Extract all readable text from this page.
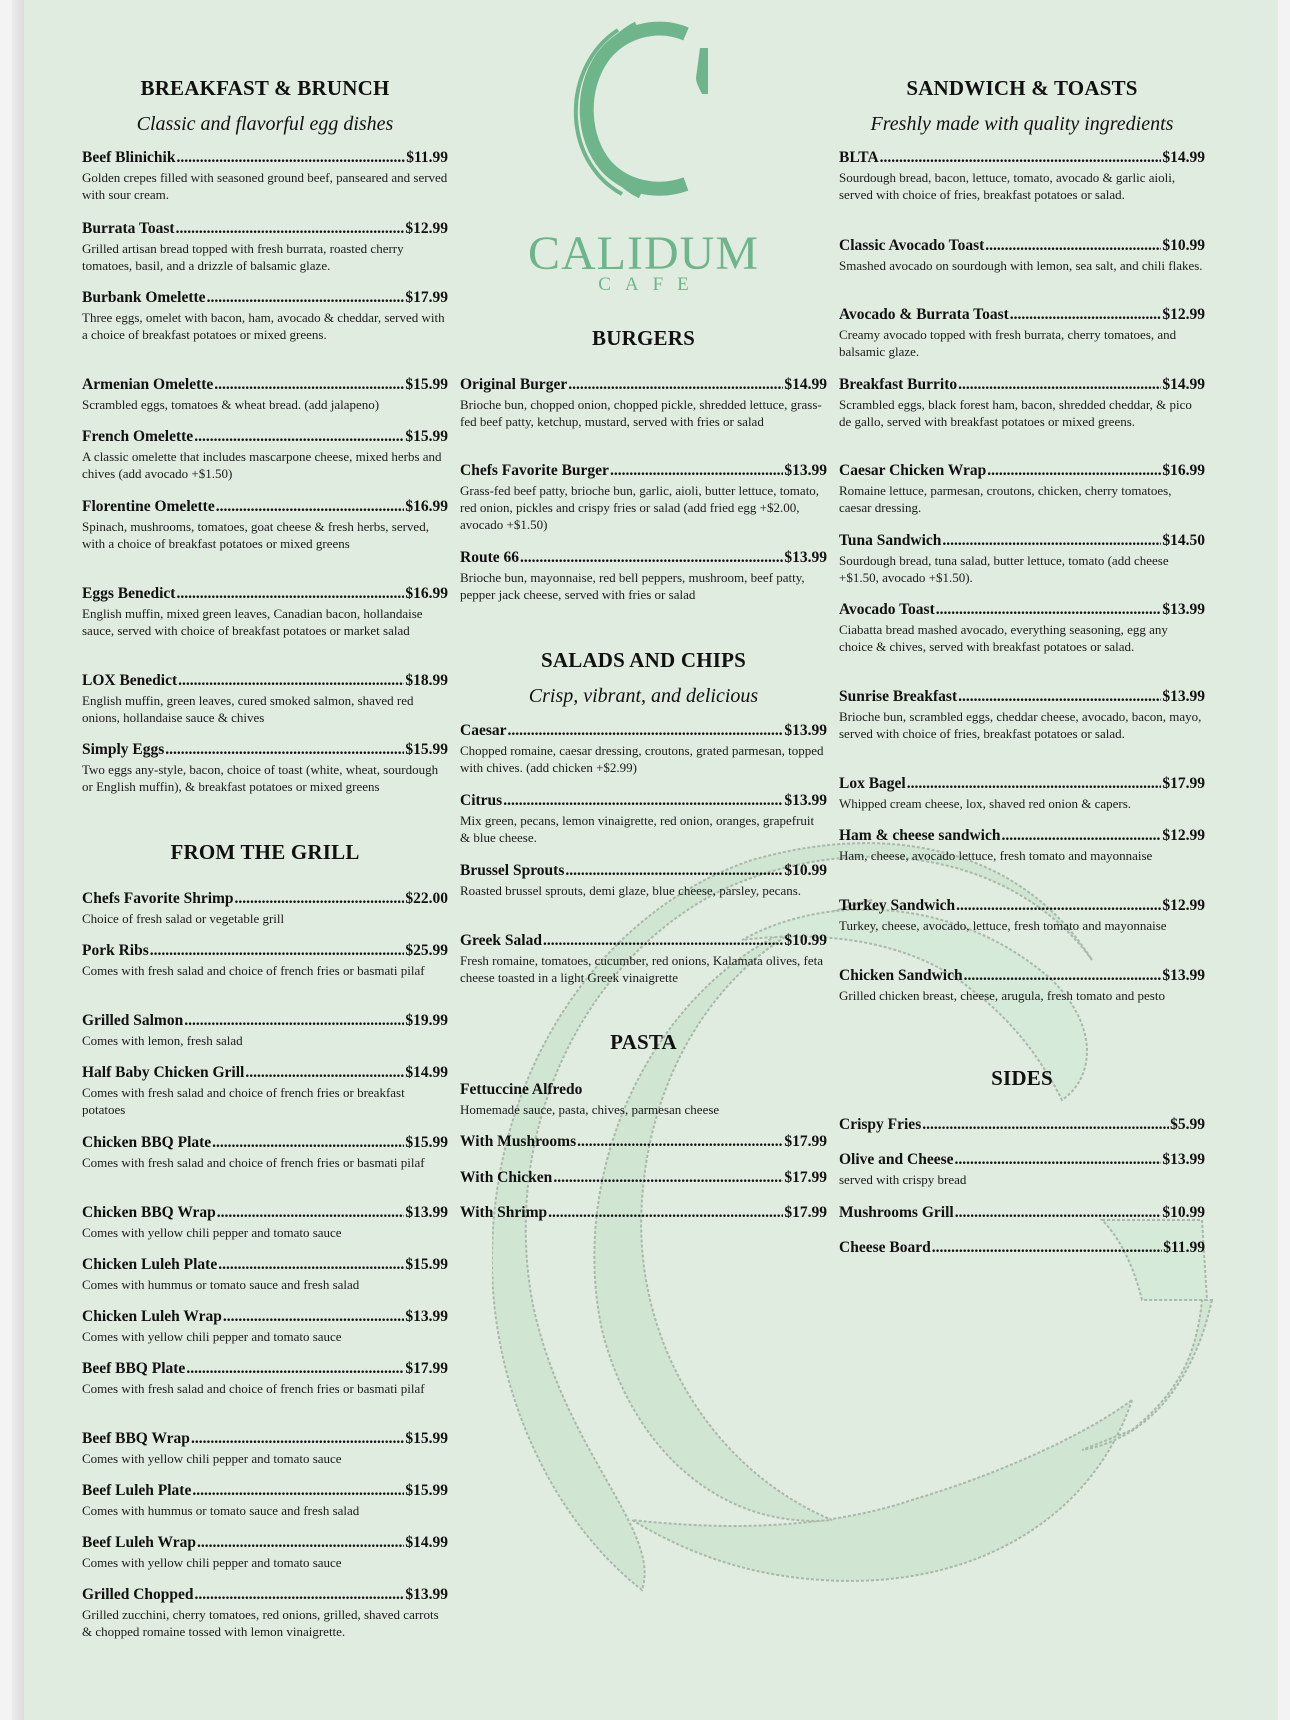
BREAKFAST & BRUNCH
Classic and flavorful egg dishes
Beef Blinichik .....	$11.99
Golden crepes filled with seasoned ground beef, panseared and served with sour cream.
Burrata Toast .....	$12.99
Grilled artisan bread topped with fresh burrata, roasted cherry tomatoes, basil, and a drizzle of balsamic glaze.
Burbank Omelette .....	$17.99
Three eggs, omelet with bacon, ham, avocado & cheddar, served with a choice of breakfast potatoes or mixed greens.
Armenian Omelette .....	$15.99
Scrambled eggs, tomatoes & wheat bread. (add jalapeno)
French Omelette .....	$15.99
A classic omelette that includes mascarpone cheese, mixed herbs and chives (add avocado +$1.50)
Florentine Omelette .....	$16.99
Spinach, mushrooms, tomatoes, goat cheese & fresh herbs, served, with a choice of breakfast potatoes or mixed greens
Eggs Benedict .....	$16.99
English muffin, mixed green leaves, Canadian bacon, hollandaise sauce, served with choice of breakfast potatoes or market salad
LOX Benedict .....	$18.99
English muffin, green leaves, cured smoked salmon, shaved red onions, hollandaise sauce & chives
Simply Eggs .....	$15.99
Two eggs any-style, bacon, choice of toast (white, wheat, sourdough or English muffin), & breakfast potatoes or mixed greens
FROM THE GRILL
Chefs Favorite Shrimp .....	$22.00
Choice of fresh salad or vegetable grill
Pork Ribs .....	$25.99
Comes with fresh salad and choice of french fries or basmati pilaf
Grilled Salmon .....	$19.99
Comes with lemon, fresh salad
Half Baby Chicken Grill .....	$14.99
Comes with fresh salad and choice of french fries or breakfast potatoes
Chicken BBQ Plate .....	$15.99
Comes with fresh salad and choice of french fries or basmati pilaf
Chicken BBQ Wrap .....	$13.99
Comes with yellow chili pepper and tomato sauce
Chicken Luleh Plate .....	$15.99
Comes with hummus or tomato sauce and fresh salad
Chicken Luleh Wrap .....	$13.99
Comes with yellow chili pepper and tomato sauce
Beef BBQ Plate .....	$17.99
Comes with fresh salad and choice of french fries or basmati pilaf
Beef BBQ Wrap .....	$15.99
Comes with yellow chili pepper and tomato sauce
Beef Luleh Plate .....	$15.99
Comes with hummus or tomato sauce and fresh salad
Beef Luleh Wrap .....	$14.99
Comes with yellow chili pepper and tomato sauce
Grilled Chopped .....	$13.99
Grilled zucchini, cherry tomatoes, red onions, grilled, shaved carrots & chopped romaine tossed with lemon vinaigrette.
CALIDUM
CAFE
BURGERS
Original Burger .....	$14.99
Brioche bun, chopped onion, chopped pickle, shredded lettuce, grass-fed beef patty, ketchup, mustard, served with fries or salad
Chefs Favorite Burger .....	$13.99
Grass-fed beef patty, brioche bun, garlic, aioli, butter lettuce, tomato, red onion, pickles and crispy fries or salad (add fried egg +$2.00, avocado +$1.50)
Route 66 .....	$13.99
Brioche bun, mayonnaise, red bell peppers, mushroom, beef patty, pepper jack cheese, served with fries or salad
SALADS AND CHIPS
Crisp, vibrant, and delicious
Caesar .....	$13.99
Chopped romaine, caesar dressing, croutons, grated parmesan, topped with chives. (add chicken +$2.99)
Citrus .....	$13.99
Mix green, pecans, lemon vinaigrette, red onion, oranges, grapefruit & blue cheese.
Brussel Sprouts .....	$10.99
Roasted brussel sprouts, demi glaze, blue cheese, parsley, pecans.
Greek Salad .....	$10.99
Fresh romaine, tomatoes, cucumber, red onions, Kalamata olives, feta cheese toasted in a light Greek vinaigrette
PASTA
Fettuccine Alfredo
Homemade sauce, pasta, chives, parmesan cheese
With Mushrooms .....	$17.99
With Chicken .....	$17.99
With Shrimp .....	$17.99
SANDWICH & TOASTS
Freshly made with quality ingredients
BLTA .....	$14.99
Sourdough bread, bacon, lettuce, tomato, avocado & garlic aioli, served with choice of fries, breakfast potatoes or salad.
Classic Avocado Toast .....	$10.99
Smashed avocado on sourdough with lemon, sea salt, and chili flakes.
Avocado & Burrata Toast .....	$12.99
Creamy avocado topped with fresh burrata, cherry tomatoes, and balsamic glaze.
Breakfast Burrito .....	$14.99
Scrambled eggs, black forest ham, bacon, shredded cheddar, & pico de gallo, served with breakfast potatoes or mixed greens.
Caesar Chicken Wrap .....	$16.99
Romaine lettuce, parmesan, croutons, chicken, cherry tomatoes, caesar dressing.
Tuna Sandwich .....	$14.50
Sourdough bread, tuna salad, butter lettuce, tomato (add cheese +$1.50, avocado +$1.50).
Avocado Toast .....	$13.99
Ciabatta bread mashed avocado, everything seasoning, egg any choice & chives, served with breakfast potatoes or salad.
Sunrise Breakfast .....	$13.99
Brioche bun, scrambled eggs, cheddar cheese, avocado, bacon, mayo, served with choice of fries, breakfast potatoes or salad.
Lox Bagel .....	$17.99
Whipped cream cheese, lox, shaved red onion & capers.
Ham & cheese sandwich .....	$12.99
Ham, cheese, avocado lettuce, fresh tomato and mayonnaise
Turkey Sandwich .....	$12.99
Turkey, cheese, avocado, lettuce, fresh tomato and mayonnaise
Chicken Sandwich .....	$13.99
Grilled chicken breast, cheese, arugula, fresh tomato and pesto
SIDES
Crispy Fries .....	$5.99
Olive and Cheese .....	$13.99
served with crispy bread
Mushrooms Grill .....	$10.99
Cheese Board .....	$11.99
